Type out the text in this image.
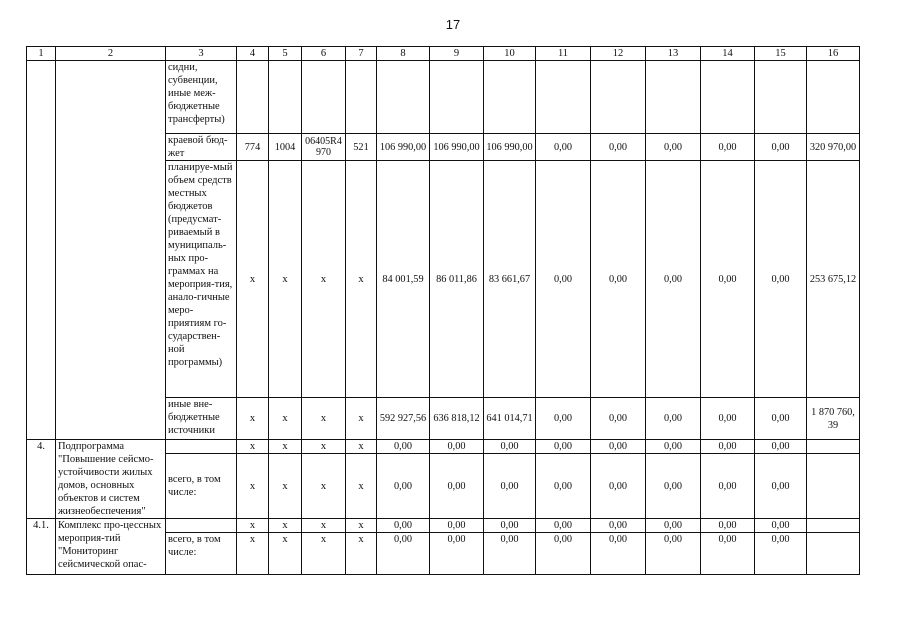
17
1	2	3	4	5	6	7	8	9	10	11	12	13	14	15	16
		сидни, субвенции, иные меж-бюджетные трансферты)													
		краевой бюд-жет	774	1004	06405R4 970	521	106 990,00	106 990,00	106 990,00	0,00	0,00	0,00	0,00	0,00	320 970,00
		планируе-мый объем средств местных бюджетов (предусмат-риваемый в муниципаль-ных про-граммах на мероприя-тия, анало-гичные меро-приятиям го-сударствен-ной программы)	x	x	x	x	84 001,59	86 011,86	83 661,67	0,00	0,00	0,00	0,00	0,00	253 675,12
		иные вне-бюджетные источники	x	x	x	x	592 927,56	636 818,12	641 014,71	0,00	0,00	0,00	0,00	0,00	1 870 760, 39
4.	Подпрограмма "Повышение сейсмо-устойчивости жилых домов, основных объектов и систем жизнеобеспечения"		x	x	x	x	0,00	0,00	0,00	0,00	0,00	0,00	0,00	0,00	
		всего, в том числе:	x	x	x	x	0,00	0,00	0,00	0,00	0,00	0,00	0,00	0,00	
4.1.	Комплекс про-цессных мероприя-тий "Мониторинг сейсмической опас-		x	x	x	x	0,00	0,00	0,00	0,00	0,00	0,00	0,00	0,00	
		всего, в том числе:	x	x	x	x	0,00	0,00	0,00	0,00	0,00	0,00	0,00	0,00	
